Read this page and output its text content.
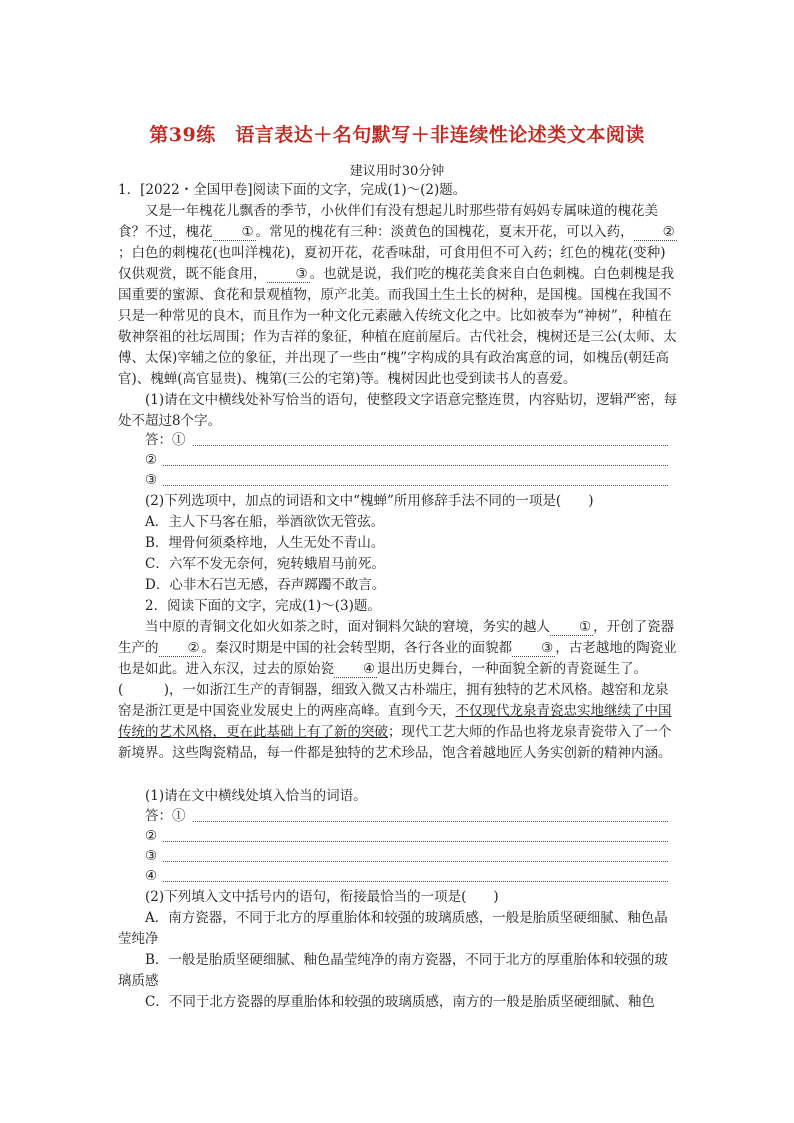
第39练　语言表达＋名句默写＋非连续性论述类文本阅读
建议用时30分钟

1．[2022・全国甲卷]阅读下面的文字，完成(1)～(2)题。

又是一年槐花儿飘香的季节，小伙伴们有没有想起儿时那些带有妈妈专属味道的槐花美食？不过，槐花 ① 。常见的槐花有三种：淡黄色的国槐花，夏末开花，可以入药， ②；白色的刺槐花(也叫洋槐花)，夏初开花，花香味甜，可食用但不可入药；红色的槐花(变种)仅供观赏，既不能食用， ③ 。也就是说，我们吃的槐花美食来自白色刺槐。白色刺槐是我国重要的蜜源、食花和景观植物，原产北美。而我国土生土长的树种，是国槐。国槐在我国不只是一种常见的良木，而且作为一种文化元素融入传统文化之中。比如被奉为“神树”，种植在敬神祭祖的社坛周围；作为吉祥的象征，种植在庭前屋后。古代社会，槐树还是三公(太师、太傅、太保)宰辅之位的象征，并出现了一些由“槐”字构成的具有政治寓意的词，如槐岳(朝廷高官)、槐蝉(高官显贵)、槐第(三公的宅第)等。槐树因此也受到读书人的喜爱。

(1)请在文中横线处补写恰当的语句，使整段文字语意完整连贯，内容贴切，逻辑严密，每处不超过8个字。

答：①
②
③

(2)下列选项中，加点的词语和文中“槐蝉”所用修辞手法不同的一项是(　　)

A．主人下马客在船，举酒欲饮无管弦。

B．埋骨何须桑梓地，人生无处不青山。

C．六军不发无奈何，宛转蛾眉马前死。

D．心非木石岂无感，吞声踯躅不敢言。

2．阅读下面的文字，完成(1)～(3)题。

当中原的青铜文化如火如荼之时，面对铜料欠缺的窘境，务实的越人 ① ，开创了瓷器生产的 ② 。秦汉时期是中国的社会转型期，各行各业的面貌都 ③ ，古老越地的陶瓷业也是如此。进入东汉，过去的原始瓷 ④ 退出历史舞台，一种面貌全新的青瓷诞生了。(　　　)，一如浙江生产的青铜器，细致入微又古朴端庄，拥有独特的艺术风格。越窑和龙泉窑是浙江更是中国瓷业发展史上的两座高峰。直到今天，不仅现代龙泉青瓷忠实地继续了中国传统的艺术风格，更在此基础上有了新的突破；现代工艺大师的作品也将龙泉青瓷带入了一个新境界。这些陶瓷精品，每一件都是独特的艺术珍品，饱含着越地匠人务实创新的精神内涵。

(1)请在文中横线处填入恰当的词语。

答：①
②
③
④

(2)下列填入文中括号内的语句，衔接最恰当的一项是(　　)

A．南方瓷器，不同于北方的厚重胎体和较强的玻璃质感，一般是胎质坚硬细腻、釉色晶莹纯净

B．一般是胎质坚硬细腻、釉色晶莹纯净的南方瓷器，不同于北方的厚重胎体和较强的玻璃质感

C．不同于北方瓷器的厚重胎体和较强的玻璃质感，南方的一般是胎质坚硬细腻、釉色
